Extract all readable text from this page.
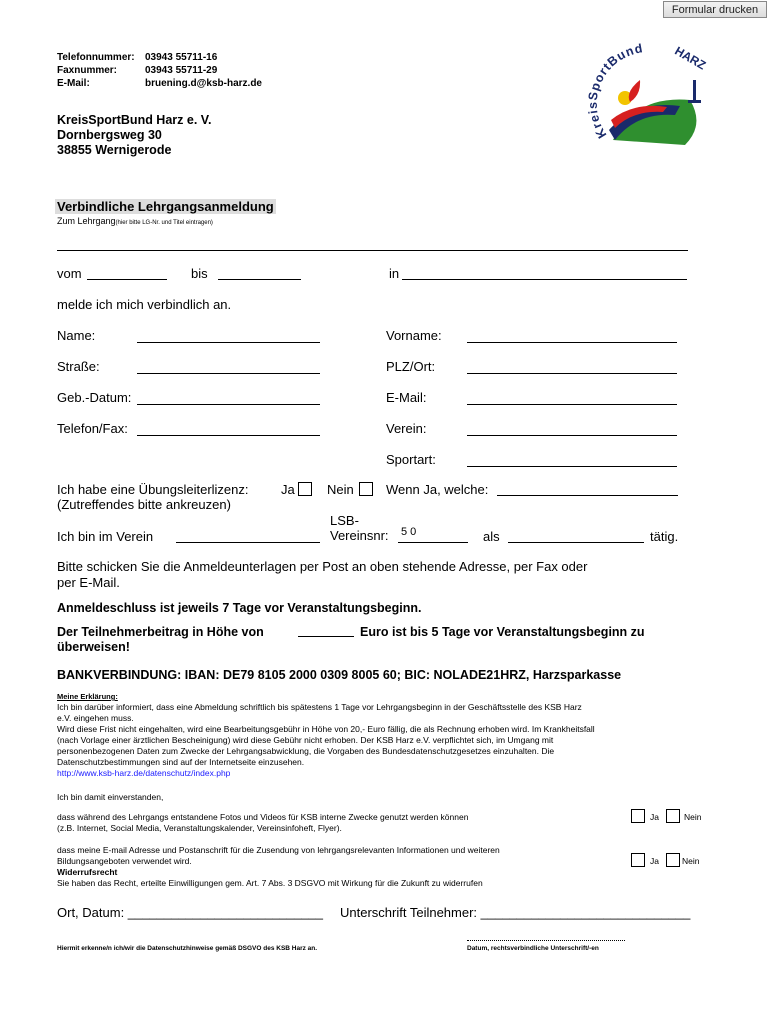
Formular drucken
Telefonnummer: 03943 55711-16
Faxnummer:	03943 55711-29
E-Mail:	bruening.d@ksb-harz.de
KreisSportBund HARZ
KreisSportBund Harz e. V.
Dornbergsweg 30
38855 Wernigerode
Verbindliche Lehrgangsanmeldung
Zum Lehrgang(hier bitte LG-Nr. und Titel eintragen)
vom	bis	in
melde ich mich verbindlich an.
Name:	Vorname:
Straße:	PLZ/Ort:
Geb.-Datum:	E-Mail:
Telefon/Fax:	Verein:
Sportart:
Ich habe eine Übungsleiterlizenz: Ja Nein Wenn Ja, welche:
(Zutreffendes bitte ankreuzen)
Ich bin im Verein
LSB-
Vereinsnr: 5 0	als	tätig.
Bitte schicken Sie die Anmeldeunterlagen per Post an oben stehende Adresse, per Fax oder
per E-Mail.
Anmeldeschluss ist jeweils 7 Tage vor Veranstaltungsbeginn.
Der Teilnehmerbeitrag in Höhe von	Euro ist bis 5 Tage vor Veranstaltungsbeginn zu
überweisen!
BANKVERBINDUNG: IBAN: DE79 8105 2000 0309 8005 60; BIC: NOLADE21HRZ, Harzsparkasse
Meine Erklärung:
Ich bin darüber informiert, dass eine Abmeldung schriftlich bis spätestens 1 Tage vor Lehrgangsbeginn in der Geschäftsstelle des KSB Harz
e.V. eingehen muss.
Wird diese Frist nicht eingehalten, wird eine Bearbeitungsgebühr in Höhe von 20,- Euro fällig, die als Rechnung erhoben wird. Im Krankheitsfall
(nach Vorlage einer ärztlichen Bescheinigung) wird diese Gebühr nicht erhoben. Der KSB Harz e.V. verpflichtet sich, im Umgang mit
personenbezogenen Daten zum Zwecke der Lehrgangsabwicklung, die Vorgaben des Bundesdatenschutzgesetzes einzuhalten. Die
Datenschutzbestimmungen sind auf der Internetseite einzusehen.
http://www.ksb-harz.de/datenschutz/index.php
Ich bin damit einverstanden,
dass während des Lehrgangs entstandene Fotos und Videos für KSB interne Zwecke genutzt werden können
(z.B. Internet, Social Media, Veranstaltungskalender, Vereinsinfoheft, Flyer).
Ja	Nein
dass meine E-mail Adresse und Postanschrift für die Zusendung von lehrgangsrelevanten Informationen und weiteren
Bildungsangeboten verwendet wird.
Widerrufsrecht
Sie haben das Recht, erteilte Einwilligungen gem. Art. 7 Abs. 3 DSGVO mit Wirkung für die Zukunft zu widerrufen
Ja	Nein
Ort, Datum: ___________________________ Unterschrift Teilnehmer: _____________________________
Hiermit erkenne/n ich/wir die Datenschutzhinweise gemäß DSGVO des KSB Harz an.	Datum, rechtsverbindliche Unterschrift/-en
